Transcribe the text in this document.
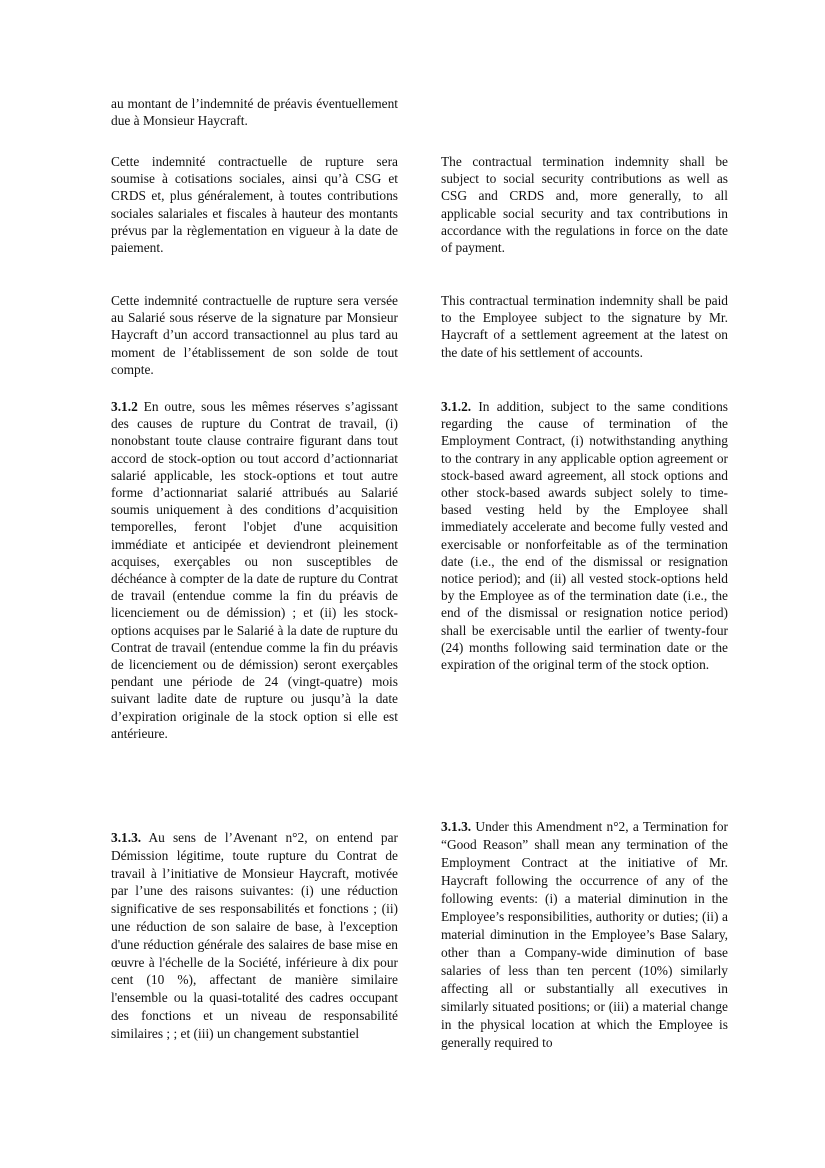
au montant de l’indemnité de préavis éventuellement due à Monsieur Haycraft.

Cette indemnité contractuelle de rupture sera soumise à cotisations sociales, ainsi qu’à CSG et CRDS et, plus généralement, à toutes contributions sociales salariales et fiscales à hauteur des montants prévus par la règlementation en vigueur à la date de paiement.

Cette indemnité contractuelle de rupture sera versée au Salarié sous réserve de la signature par Monsieur Haycraft d’un accord transactionnel au plus tard au moment de l’établissement de son solde de tout compte.

3.1.2 En outre, sous les mêmes réserves s’agissant des causes de rupture du Contrat de travail, (i) nonobstant toute clause contraire figurant dans tout accord de stock-option ou tout accord d’actionnariat salarié applicable, les stock-options et tout autre forme d’actionnariat salarié attribués au Salarié soumis uniquement à des conditions d’acquisition temporelles, feront l'objet d'une acquisition immédiate et anticipée et deviendront pleinement acquises, exerçables ou non susceptibles de déchéance à compter de la date de rupture du Contrat de travail (entendue comme la fin du préavis de licenciement ou de démission) ; et (ii) les stock-options acquises par le Salarié à la date de rupture du Contrat de travail (entendue comme la fin du préavis de licenciement ou de démission) seront exerçables pendant une période de 24 (vingt-quatre) mois suivant ladite date de rupture ou jusqu’à la date d’expiration originale de la stock option si elle est antérieure.

3.1.3. Au sens de l’Avenant n°2, on entend par Démission légitime, toute rupture du Contrat de travail à l’initiative de Monsieur Haycraft, motivée par l’une des raisons suivantes: (i) une réduction significative de ses responsabilités et fonctions ; (ii) une réduction de son salaire de base, à l'exception d'une réduction générale des salaires de base mise en œuvre à l'échelle de la Société, inférieure à dix pour cent (10 %), affectant de manière similaire l'ensemble ou la quasi-totalité des cadres occupant des fonctions et un niveau de responsabilité similaires ; ; et (iii) un changement substantiel

The contractual termination indemnity shall be subject to social security contributions as well as CSG and CRDS and, more generally, to all applicable social security and tax contributions in accordance with the regulations in force on the date of payment.

This contractual termination indemnity shall be paid to the Employee subject to the signature by Mr. Haycraft of a settlement agreement at the latest on the date of his settlement of accounts.

3.1.2. In addition, subject to the same conditions regarding the cause of termination of the Employment Contract, (i) notwithstanding anything to the contrary in any applicable option agreement or stock-based award agreement, all stock options and other stock-based awards subject solely to time-based vesting held by the Employee shall immediately accelerate and become fully vested and exercisable or nonforfeitable as of the termination date (i.e., the end of the dismissal or resignation notice period); and (ii) all vested stock-options held by the Employee as of the termination date (i.e., the end of the dismissal or resignation notice period) shall be exercisable until the earlier of twenty-four (24) months following said termination date or the expiration of the original term of the stock option.

3.1.3. Under this Amendment n°2, a Termination for “Good Reason” shall mean any termination of the Employment Contract at the initiative of Mr. Haycraft following the occurrence of any of the following events: (i) a material diminution in the Employee’s responsibilities, authority or duties; (ii) a material diminution in the Employee’s Base Salary, other than a Company-wide diminution of base salaries of less than ten percent (10%) similarly affecting all or substantially all executives in similarly situated positions; or (iii) a material change in the physical location at which the Employee is generally required to
